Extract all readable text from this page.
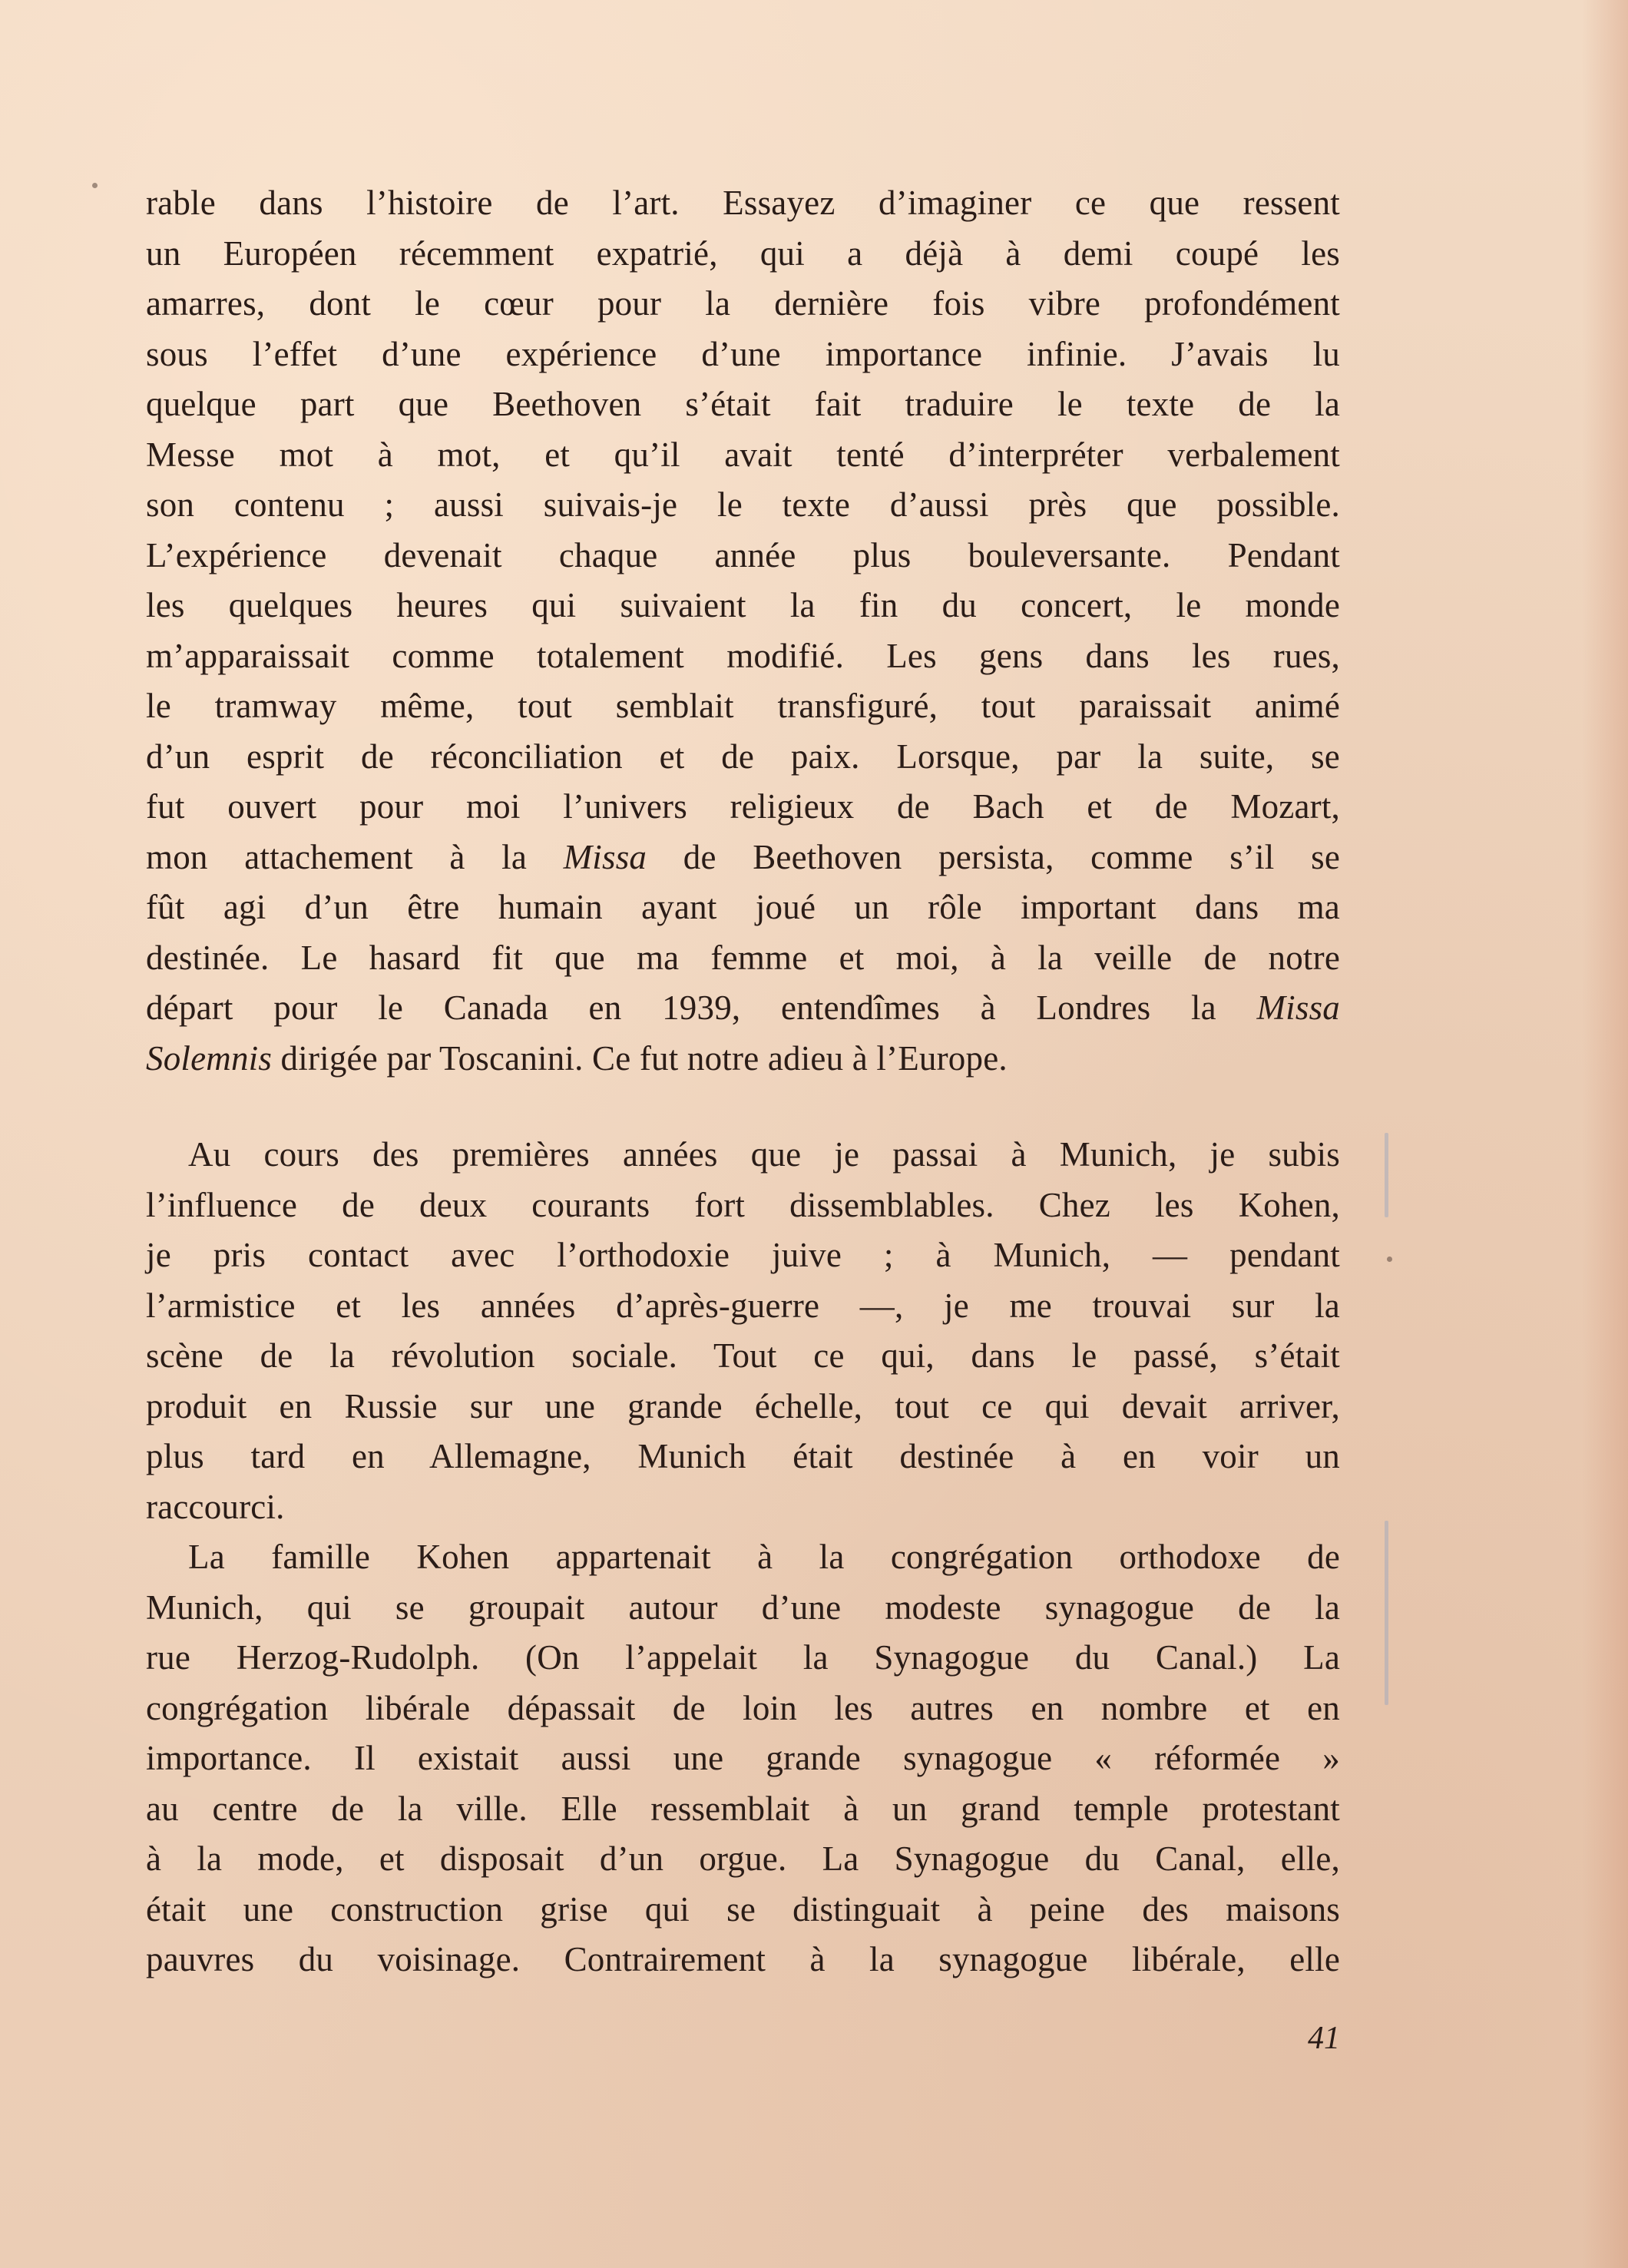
rable dans l’histoire de l’art. Essayez d’imaginer ce que ressent
un Européen récemment expatrié, qui a déjà à demi coupé les
amarres, dont le cœur pour la dernière fois vibre profondément
sous l’effet d’une expérience d’une importance infinie. J’avais lu
quelque part que Beethoven s’était fait traduire le texte de la
Messe mot à mot, et qu’il avait tenté d’interpréter verbalement
son contenu ; aussi suivais-je le texte d’aussi près que possible.
L’expérience devenait chaque année plus bouleversante. Pendant
les quelques heures qui suivaient la fin du concert, le monde
m’apparaissait comme totalement modifié. Les gens dans les rues,
le tramway même, tout semblait transfiguré, tout paraissait animé
d’un esprit de réconciliation et de paix. Lorsque, par la suite, se
fut ouvert pour moi l’univers religieux de Bach et de Mozart,
mon attachement à la Missa de Beethoven persista, comme s’il se
fût agi d’un être humain ayant joué un rôle important dans ma
destinée. Le hasard fit que ma femme et moi, à la veille de notre
départ pour le Canada en 1939, entendîmes à Londres la Missa
Solemnis dirigée par Toscanini. Ce fut notre adieu à l’Europe.
Au cours des premières années que je passai à Munich, je subis
l’influence de deux courants fort dissemblables. Chez les Kohen,
je pris contact avec l’orthodoxie juive ; à Munich, — pendant
l’armistice et les années d’après-guerre —, je me trouvai sur la
scène de la révolution sociale. Tout ce qui, dans le passé, s’était
produit en Russie sur une grande échelle, tout ce qui devait arriver,
plus tard en Allemagne, Munich était destinée à en voir un
raccourci.
La famille Kohen appartenait à la congrégation orthodoxe de
Munich, qui se groupait autour d’une modeste synagogue de la
rue Herzog-Rudolph. (On l’appelait la Synagogue du Canal.) La
congrégation libérale dépassait de loin les autres en nombre et en
importance. Il existait aussi une grande synagogue « réformée »
au centre de la ville. Elle ressemblait à un grand temple protestant
à la mode, et disposait d’un orgue. La Synagogue du Canal, elle,
était une construction grise qui se distinguait à peine des maisons
pauvres du voisinage. Contrairement à la synagogue libérale, elle
41
